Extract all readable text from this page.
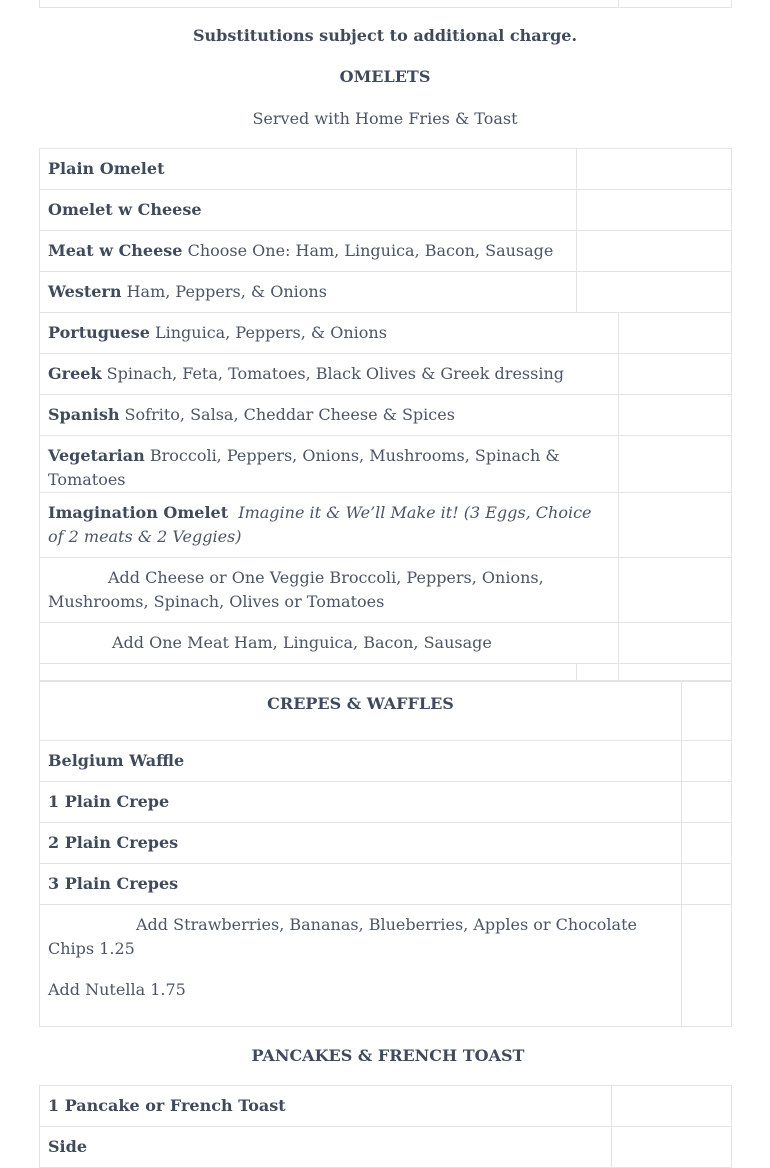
Substitutions subject to additional charge.
OMELETS
Served with Home Fries & Toast
Plain Omelet		
Omelet w Cheese		
Meat w Cheese Choose One: Ham, Linguica, Bacon, Sausage		
Western Ham, Peppers, & Onions		
Portuguese Linguica, Peppers, & Onions		
Greek Spinach, Feta, Tomatoes, Black Olives & Greek dressing		
Spanish Sofrito, Salsa, Cheddar Cheese & Spices		
Vegetarian Broccoli, Peppers, Onions, Mushrooms, Spinach & Tomatoes		
Imagination Omelet Imagine it & We’ll Make it! (3 Eggs, Choice of 2 meats & 2 Veggies)		
Add Cheese or One Veggie Broccoli, Peppers, Onions, Mushrooms, Spinach, Olives or Tomatoes		
Add One Meat Ham, Linguica, Bacon, Sausage		

CREPES & WAFFLES	
Belgium Waffle	
1 Plain Crepe	
2 Plain Crepes	
3 Plain Crepes	

Add Strawberries, Bananas, Blueberries, Apples or Chocolate Chips 1.25
Add Nutella 1.75	

PANCAKES & FRENCH TOAST
1 Pancake or French Toast	
Side	
